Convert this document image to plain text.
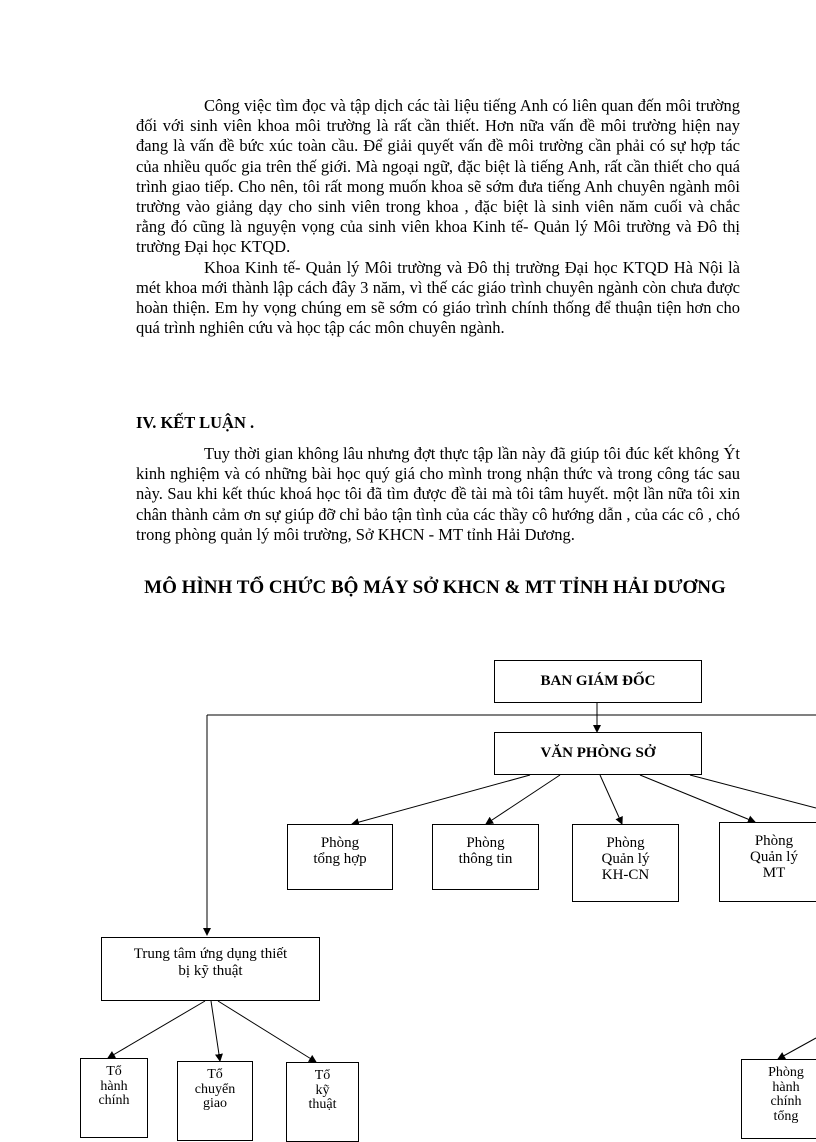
Công việc tìm đọc và tập dịch các tài liệu tiếng Anh có liên quan đến môi trường đối với sinh viên khoa môi trường là rất cần thiết. Hơn nữa vấn đề môi trường hiện nay đang là vấn đề bức xúc toàn cầu. Để giải quyết vấn đề môi trường cần phải có sự hợp tác của nhiều quốc gia trên thế giới. Mà ngoại ngữ, đặc biệt là tiếng Anh, rất cần thiết cho quá trình giao tiếp. Cho nên, tôi rất mong muốn khoa sẽ sớm đưa tiếng Anh chuyên ngành môi trường vào giảng dạy cho sinh viên trong khoa , đặc biệt là sinh viên năm cuối và chắc rằng đó cũng là nguyện vọng của sinh viên khoa Kinh tế- Quản lý Môi trường và Đô thị trường Đại học KTQD.

Khoa Kinh tế- Quản lý Môi trường và Đô thị trường Đại học KTQD Hà Nội là mét khoa mới thành lập cách đây 3 năm, vì thế các giáo trình chuyên ngành còn chưa được hoàn thiện. Em hy vọng chúng em sẽ sớm có giáo trình chính thống để thuận tiện hơn cho quá trình nghiên cứu và học tập các môn chuyên ngành.

IV. KẾT LUẬN .

Tuy thời gian không lâu nhưng đợt thực tập lần này đã giúp tôi đúc kết không Ýt kinh nghiệm và có những bài học quý giá cho mình trong nhận thức và trong công tác sau này. Sau khi kết thúc khoá học tôi đã tìm được đề tài mà tôi tâm huyết. một lần nữa tôi xin chân thành cảm ơn sự giúp đỡ chỉ bảo tận tình của các thầy cô hướng dẫn , của các cô , chó trong phòng quản lý môi trường, Sở KHCN - MT tỉnh Hải Dương.

MÔ HÌNH TỔ CHỨC BỘ MÁY SỞ KHCN & MT TỈNH HẢI DƯƠNG

BAN GIÁM ĐỐC
VĂN PHÒNG SỞ
Phòng
tổng hợp
Phòng
thông tin
Phòng
Quản lý
KH-CN
Phòng
Quản lý
MT
Trung tâm ứng dụng thiết
bị kỹ thuật
Tổ
hành
chính
Tổ
chuyển
giao
Tổ
kỹ
thuật
Phòng
hành
chính
tổng
